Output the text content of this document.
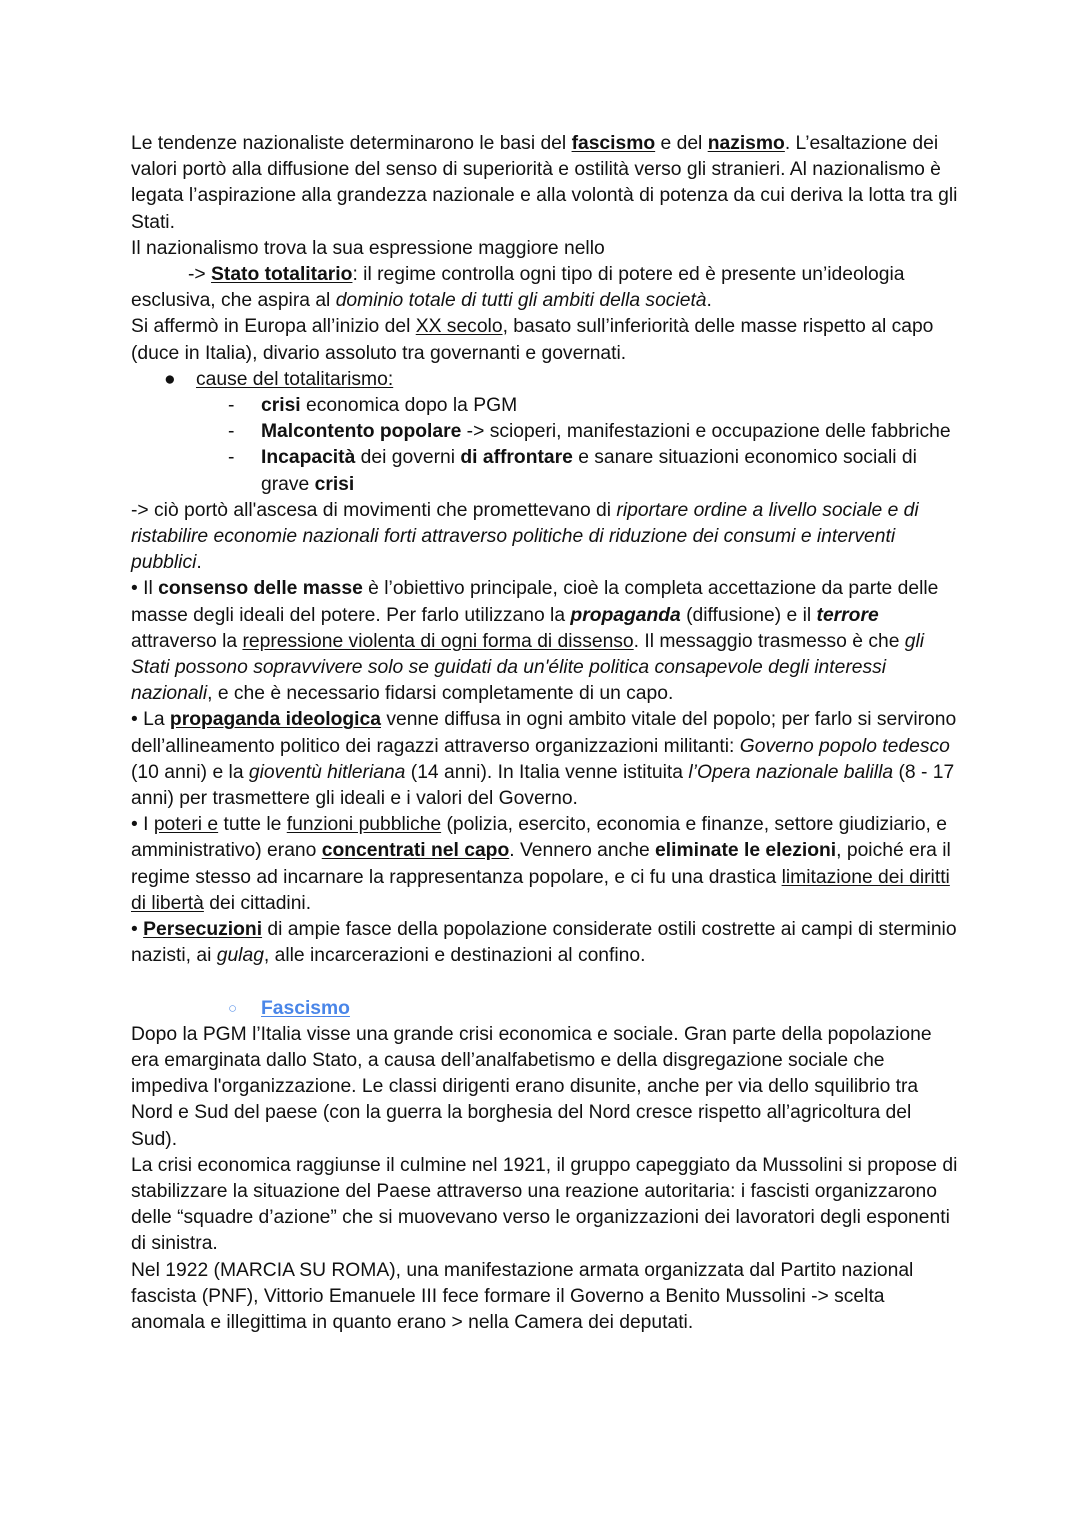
Le tendenze nazionaliste determinarono le basi del fascismo e del nazismo. L’esaltazione dei valori portò alla diffusione del senso di superiorità e ostilità verso gli stranieri. Al nazionalismo è legata l’aspirazione alla grandezza nazionale e alla volontà di potenza da cui deriva la lotta tra gli Stati.

Il nazionalismo trova la sua espressione maggiore nello

-> Stato totalitario: il regime controlla ogni tipo di potere ed è presente un’ideologia
esclusiva, che aspira al dominio totale di tutti gli ambiti della società.

Si affermò in Europa all’inizio del XX secolo, basato sull’inferiorità delle masse rispetto al capo (duce in Italia), divario assoluto tra governanti e governati.

● cause del totalitarismo:
- crisi economica dopo la PGM
- Malcontento popolare -> scioperi, manifestazioni e occupazione delle fabbriche
- Incapacità dei governi di affrontare e sanare situazioni economico sociali di grave crisi

-> ciò portò all'ascesa di movimenti che promettevano di riportare ordine a livello sociale e di ristabilire economie nazionali forti attraverso politiche di riduzione dei consumi e interventi pubblici.

• Il consenso delle masse è l’obiettivo principale, cioè la completa accettazione da parte delle masse degli ideali del potere. Per farlo utilizzano la propaganda (diffusione) e il terrore attraverso la repressione violenta di ogni forma di dissenso. Il messaggio trasmesso è che gli Stati possono sopravvivere solo se guidati da un'élite politica consapevole degli interessi nazionali, e che è necessario fidarsi completamente di un capo.

• La propaganda ideologica venne diffusa in ogni ambito vitale del popolo; per farlo si servirono dell’allineamento politico dei ragazzi attraverso organizzazioni militanti: Governo popolo tedesco (10 anni) e la gioventù hitleriana (14 anni). In Italia venne istituita l’Opera nazionale balilla (8 - 17 anni) per trasmettere gli ideali e i valori del Governo.

• I poteri e tutte le funzioni pubbliche (polizia, esercito, economia e finanze, settore giudiziario, e amministrativo) erano concentrati nel capo. Vennero anche eliminate le elezioni, poiché era il regime stesso ad incarnare la rappresentanza popolare, e ci fu una drastica limitazione dei diritti di libertà dei cittadini.

• Persecuzioni di ampie fasce della popolazione considerate ostili costrette ai campi di sterminio nazisti, ai gulag, alle incarcerazioni e destinazioni al confino.

○ Fascismo

Dopo la PGM l’Italia visse una grande crisi economica e sociale. Gran parte della popolazione era emarginata dallo Stato, a causa dell’analfabetismo e della disgregazione sociale che impediva l'organizzazione. Le classi dirigenti erano disunite, anche per via dello squilibrio tra Nord e Sud del paese (con la guerra la borghesia del Nord cresce rispetto all’agricoltura del Sud).

La crisi economica raggiunse il culmine nel 1921, il gruppo capeggiato da Mussolini si propose di stabilizzare la situazione del Paese attraverso una reazione autoritaria: i fascisti organizzarono delle “squadre d’azione” che si muovevano verso le organizzazioni dei lavoratori degli esponenti di sinistra.

Nel 1922 (MARCIA SU ROMA), una manifestazione armata organizzata dal Partito nazional fascista (PNF), Vittorio Emanuele III fece formare il Governo a Benito Mussolini -> scelta anomala e illegittima in quanto erano > nella Camera dei deputati.
